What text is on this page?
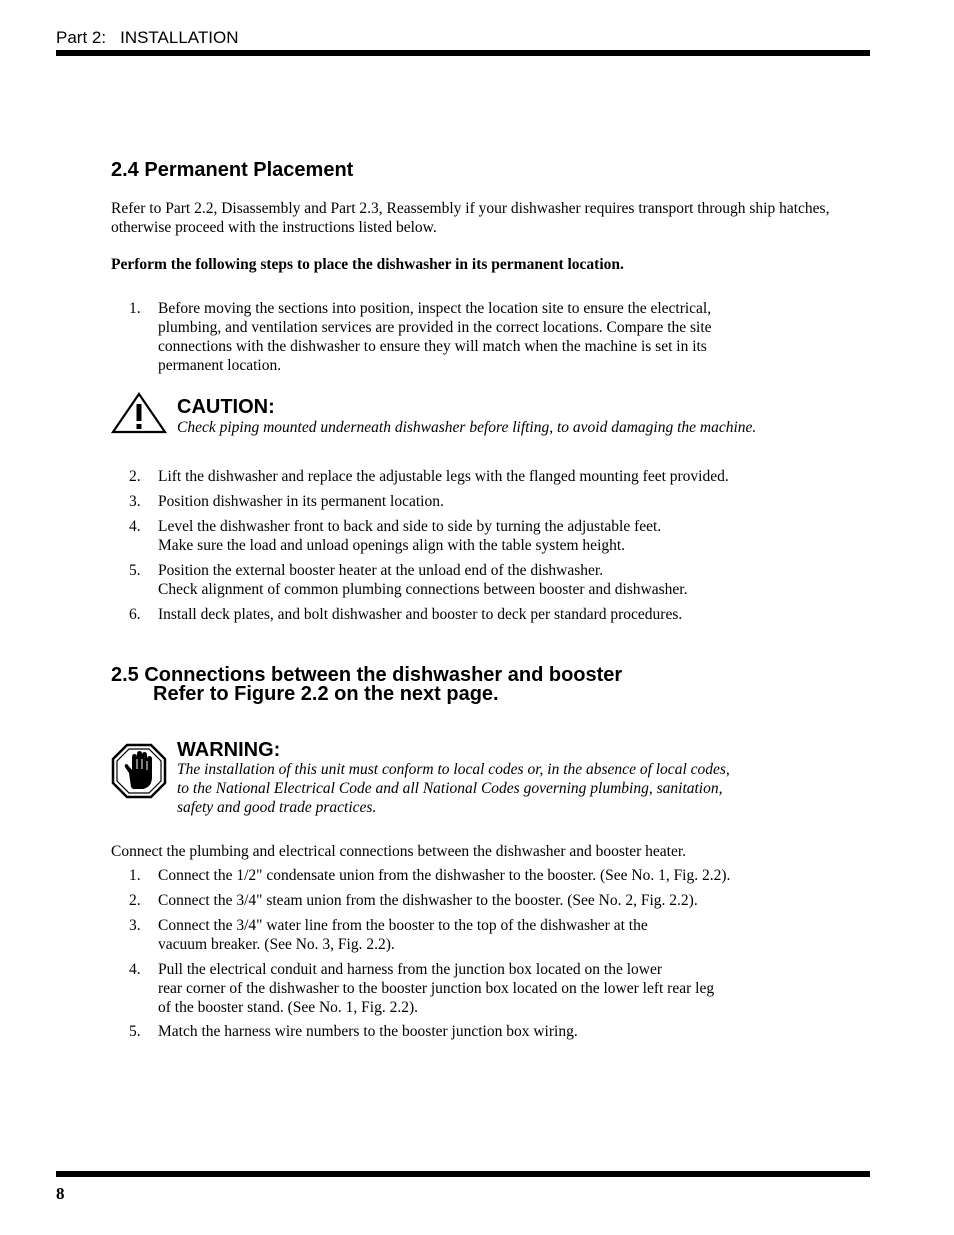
Part 2: INSTALLATION
2.4 Permanent Placement
Refer to Part 2.2, Disassembly and Part 2.3, Reassembly if your dishwasher requires transport through ship hatches, otherwise proceed with the instructions listed below.
Perform the following steps to place the dishwasher in its permanent location.
1. Before moving the sections into position, inspect the location site to ensure the electrical,
plumbing, and ventilation services are provided in the correct locations. Compare the site
connections with the dishwasher to ensure they will match when the machine is set in its
permanent location.
CAUTION:
Check piping mounted underneath dishwasher before lifting, to avoid damaging the machine.
2. Lift the dishwasher and replace the adjustable legs with the flanged mounting feet provided.
3. Position dishwasher in its permanent location.
4. Level the dishwasher front to back and side to side by turning the adjustable feet.
Make sure the load and unload openings align with the table system height.
5. Position the external booster heater at the unload end of the dishwasher.
Check alignment of common plumbing connections between booster and dishwasher.
6. Install deck plates, and bolt dishwasher and booster to deck per standard procedures.
2.5 Connections between the dishwasher and booster
Refer to Figure 2.2 on the next page.
WARNING:
The installation of this unit must conform to local codes or, in the absence of local codes,
to the National Electrical Code and all National Codes governing plumbing, sanitation,
safety and good trade practices.
Connect the plumbing and electrical connections between the dishwasher and booster heater.
1. Connect the 1/2" condensate union from the dishwasher to the booster. (See No. 1, Fig. 2.2).
2. Connect the 3/4" steam union from the dishwasher to the booster. (See No. 2, Fig. 2.2).
3. Connect the 3/4" water line from the booster to the top of the dishwasher at the
vacuum breaker. (See No. 3, Fig. 2.2).
4. Pull the electrical conduit and harness from the junction box located on the lower
rear corner of the dishwasher to the booster junction box located on the lower left rear leg
of the booster stand. (See No. 1, Fig. 2.2).
5. Match the harness wire numbers to the booster junction box wiring.
8
